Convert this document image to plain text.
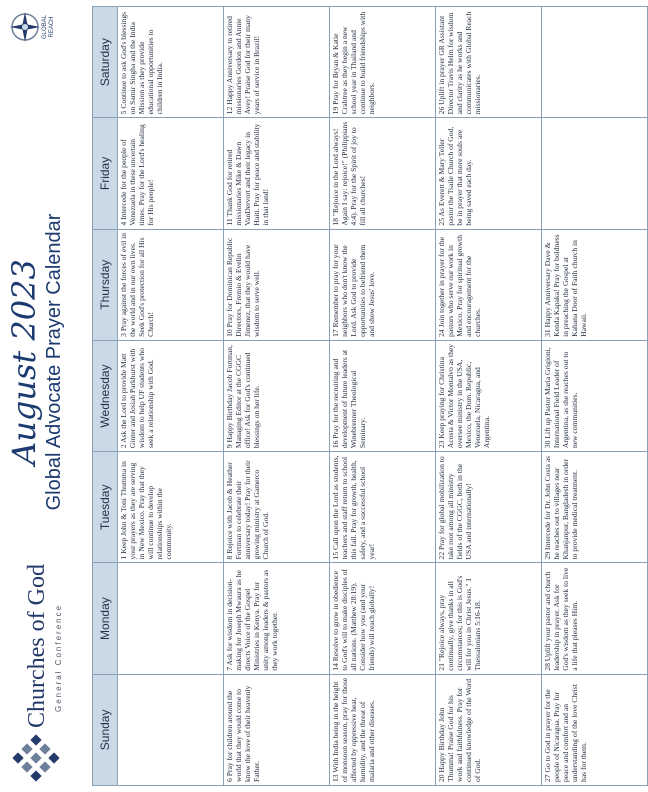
Churches of God General Conference
August 2023 Global Advocate Prayer Calendar
GLOBAL REACH
Sunday	Monday	Tuesday	Wednesday	Thursday	Friday	Saturday

		1 Keep John & Toni Thumma in your prayers as they are serving in New Mexico. Pray that they will continue to develop relationships within the community.	2 Ask the Lord to provide Matt Ginter and Josiah Parkhurst with wisdom to help UF students who seek a relationship with God.	3 Pray against the forces of evil in the world and in our own lives. Seek God's protection for all His Church!	4 Intercede for the people of Venezuela in these uncertain times. Pray for the Lord's healing for His people!	5 Continue to ask God's blessings on Samir Singha and the India Mission as they provide educational opportunities to children in India.

6 Pray for children around the world that they would come to know the love of their heavenly Father.	7 Ask for wisdom in decision-making for Joseph Mwaura as he directs Voice of the Gospel Ministries in Kenya. Pray for unity among leaders & pastors as they work together.	8 Rejoice with Jacob & Heather Fortman to celebrate their anniversary today! Pray for their growing ministry at Gamerco Church of God.	9 Happy Birthday Jacob Fortman, Managing Editor at the CGGC office! Ask for God's continued blessings on her life.	10 Pray for Dominican Republic Directors, Fremio & Evelin Jimenez, that they would have wisdom to serve well.	11 Thank God for retired missionaries Mike & Dawn VanDervort and their legacy in Haiti. Pray for peace and stability in that land!	12 Happy Anniversary to retired missionaries Gordon and Annie Avey! Praise God for their many years of service in Brazil!

13 With India being in the height of monsoon season, pray for those affected by oppressive heat, humidity, and the threat of malaria and other diseases.	14 Resolve to grow in obedience to God's will to make disciples of all nations. (Matthew 28:19). Consider how you (and your friends) will reach globally!	15 Call upon the Lord as students, teachers and staff return to school this fall. Pray for growth, health, safety, and a successful school year!	16 Pray for the recruiting and development of future leaders at Winebrenner Theological Seminary.	17 Remember to pray for your neighbors who don't know the Lord. Ask God to provide opportunities to befriend them and show Jesus' love.	18 "Rejoice in the Lord always! Again I say: rejoice!" (Philippians 4:4). Pray for the Spirit of joy to fill all churches!	19 Pray for Bryan & Katie Crabtree as they begin a new school year in Thailand and continue to build friendships with neighbors.

20 Happy Birthday John Thumma! Praise God for his work and faithfulness. Pray for continued knowledge of the Word of God.	21 "Rejoice always, pray continually, give thanks in all circumstances; for this is God's will for you in Christ Jesus." 1 Thessalonians 5:16-18.	22 Pray for global mobilization to take root among all ministry fields of the CGGC, both in the USA and internationally!	23 Keep praying for Christina Acosta & Victor Montalvo as they oversee ministry in the USA, Mexico, the Dom. Republic, Venezuela, Nicaragua, and Argentina.	24 Join together in prayer for the pastors who serve our work in Mexico. Pray for spiritual growth and encouragement for the churches.	25 As Everett & Mary Teller pastor the Tsaile Church of God, be in prayer that more souls are being saved each day.	26 Uplift in prayer GR Assistant Director Travis Helm for wisdom and clarity as he works and communicates with Global Reach missionaries.

27 Go to God in prayer for the people of Nicaragua. Pray for peace and comfort and an understanding of the love Christ has for them.	28 Uplift your pastor and church leadership in prayer. Ask for God's wisdom as they seek to live a life that pleases Him.	29 Intercede for Dr. John Costa as he reaches out to villages near Khanjanpur, Bangladesh in order to provide medical treatment.	30 Lift up Pastor Maria Grigioni, International Field Leader of Argentina, as she reaches out to new communities.	31 Happy Anniversary Dave & Kenda Kapaka! Pray for boldness in preaching the Gospel at Kahana Door of Faith church in Hawaii.		
